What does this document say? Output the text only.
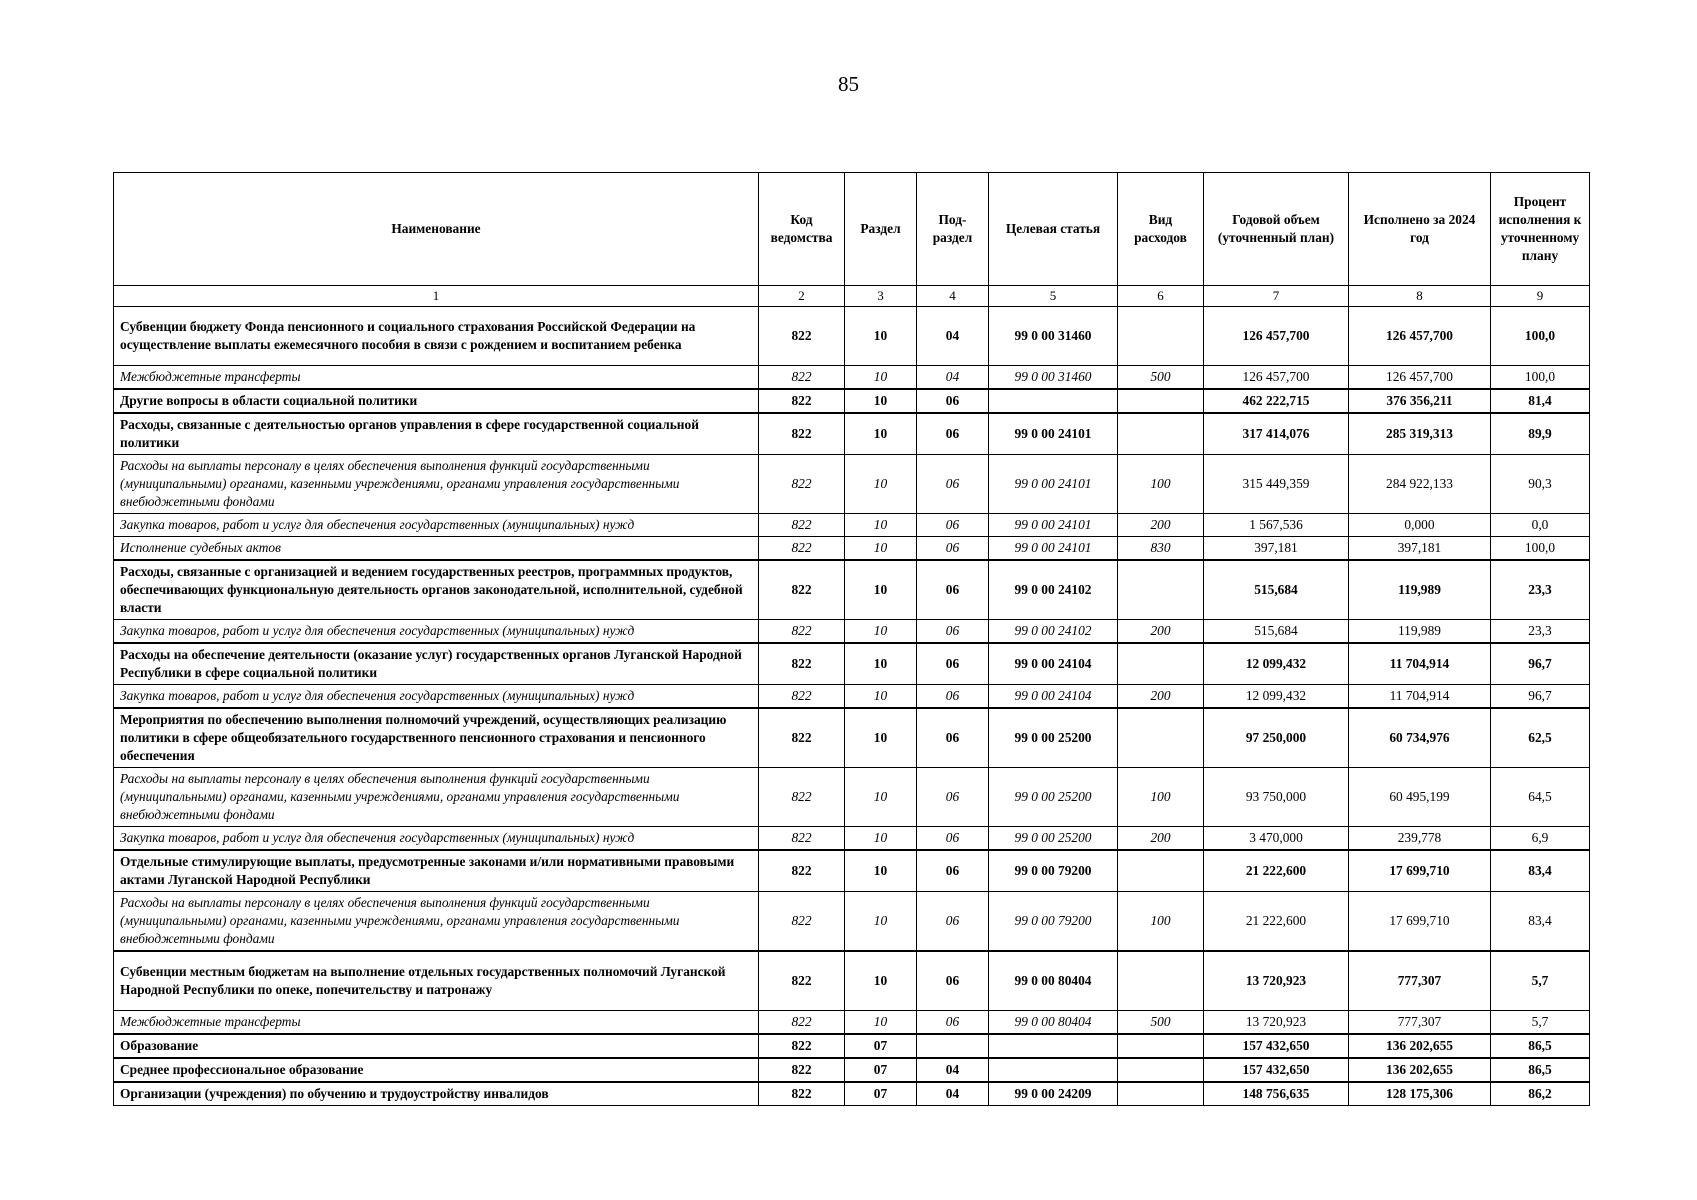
85
Наименование	Код ведомства	Раздел	Под-раздел	Целевая статья	Вид расходов	Годовой объем (уточненный план)	Исполнено за 2024 год	Процент исполнения к уточненному плану
1	2	3	4	5	6	7	8	9
Субвенции бюджету Фонда пенсионного и социального страхования Российской Федерации на осуществление выплаты ежемесячного пособия в связи с рождением и воспитанием ребенка	822	10	04	99 0 00 31460		126 457,700	126 457,700	100,0
Межбюджетные трансферты	822	10	04	99 0 00 31460	500	126 457,700	126 457,700	100,0
Другие вопросы в области социальной политики	822	10	06			462 222,715	376 356,211	81,4
Расходы, связанные с деятельностью органов управления в сфере государственной социальной политики	822	10	06	99 0 00 24101		317 414,076	285 319,313	89,9
Расходы на выплаты персоналу в целях обеспечения выполнения функций государственными (муниципальными) органами, казенными учреждениями, органами управления государственными внебюджетными фондами	822	10	06	99 0 00 24101	100	315 449,359	284 922,133	90,3
Закупка товаров, работ и услуг для обеспечения государственных (муниципальных) нужд	822	10	06	99 0 00 24101	200	1 567,536	0,000	0,0
Исполнение судебных актов	822	10	06	99 0 00 24101	830	397,181	397,181	100,0
Расходы, связанные с организацией и ведением государственных реестров, программных продуктов, обеспечивающих функциональную деятельность органов законодательной, исполнительной, судебной власти	822	10	06	99 0 00 24102		515,684	119,989	23,3
Закупка товаров, работ и услуг для обеспечения государственных (муниципальных) нужд	822	10	06	99 0 00 24102	200	515,684	119,989	23,3
Расходы на обеспечение деятельности (оказание услуг) государственных органов Луганской Народной Республики в сфере социальной политики	822	10	06	99 0 00 24104		12 099,432	11 704,914	96,7
Закупка товаров, работ и услуг для обеспечения государственных (муниципальных) нужд	822	10	06	99 0 00 24104	200	12 099,432	11 704,914	96,7
Мероприятия по обеспечению выполнения полномочий учреждений, осуществляющих реализацию политики в сфере общеобязательного государственного пенсионного страхования и пенсионного обеспечения	822	10	06	99 0 00 25200		97 250,000	60 734,976	62,5
Расходы на выплаты персоналу в целях обеспечения выполнения функций государственными (муниципальными) органами, казенными учреждениями, органами управления государственными внебюджетными фондами	822	10	06	99 0 00 25200	100	93 750,000	60 495,199	64,5
Закупка товаров, работ и услуг для обеспечения государственных (муниципальных) нужд	822	10	06	99 0 00 25200	200	3 470,000	239,778	6,9
Отдельные стимулирующие выплаты, предусмотренные законами и/или нормативными правовыми актами Луганской Народной Республики	822	10	06	99 0 00 79200		21 222,600	17 699,710	83,4
Расходы на выплаты персоналу в целях обеспечения выполнения функций государственными (муниципальными) органами, казенными учреждениями, органами управления государственными внебюджетными фондами	822	10	06	99 0 00 79200	100	21 222,600	17 699,710	83,4
Субвенции местным бюджетам на выполнение отдельных государственных полномочий Луганской Народной Республики по опеке, попечительству и патронажу	822	10	06	99 0 00 80404		13 720,923	777,307	5,7
Межбюджетные трансферты	822	10	06	99 0 00 80404	500	13 720,923	777,307	5,7
Образование	822	07				157 432,650	136 202,655	86,5
Среднее профессиональное образование	822	07	04			157 432,650	136 202,655	86,5
Организации (учреждения) по обучению и трудоустройству инвалидов	822	07	04	99 0 00 24209		148 756,635	128 175,306	86,2
